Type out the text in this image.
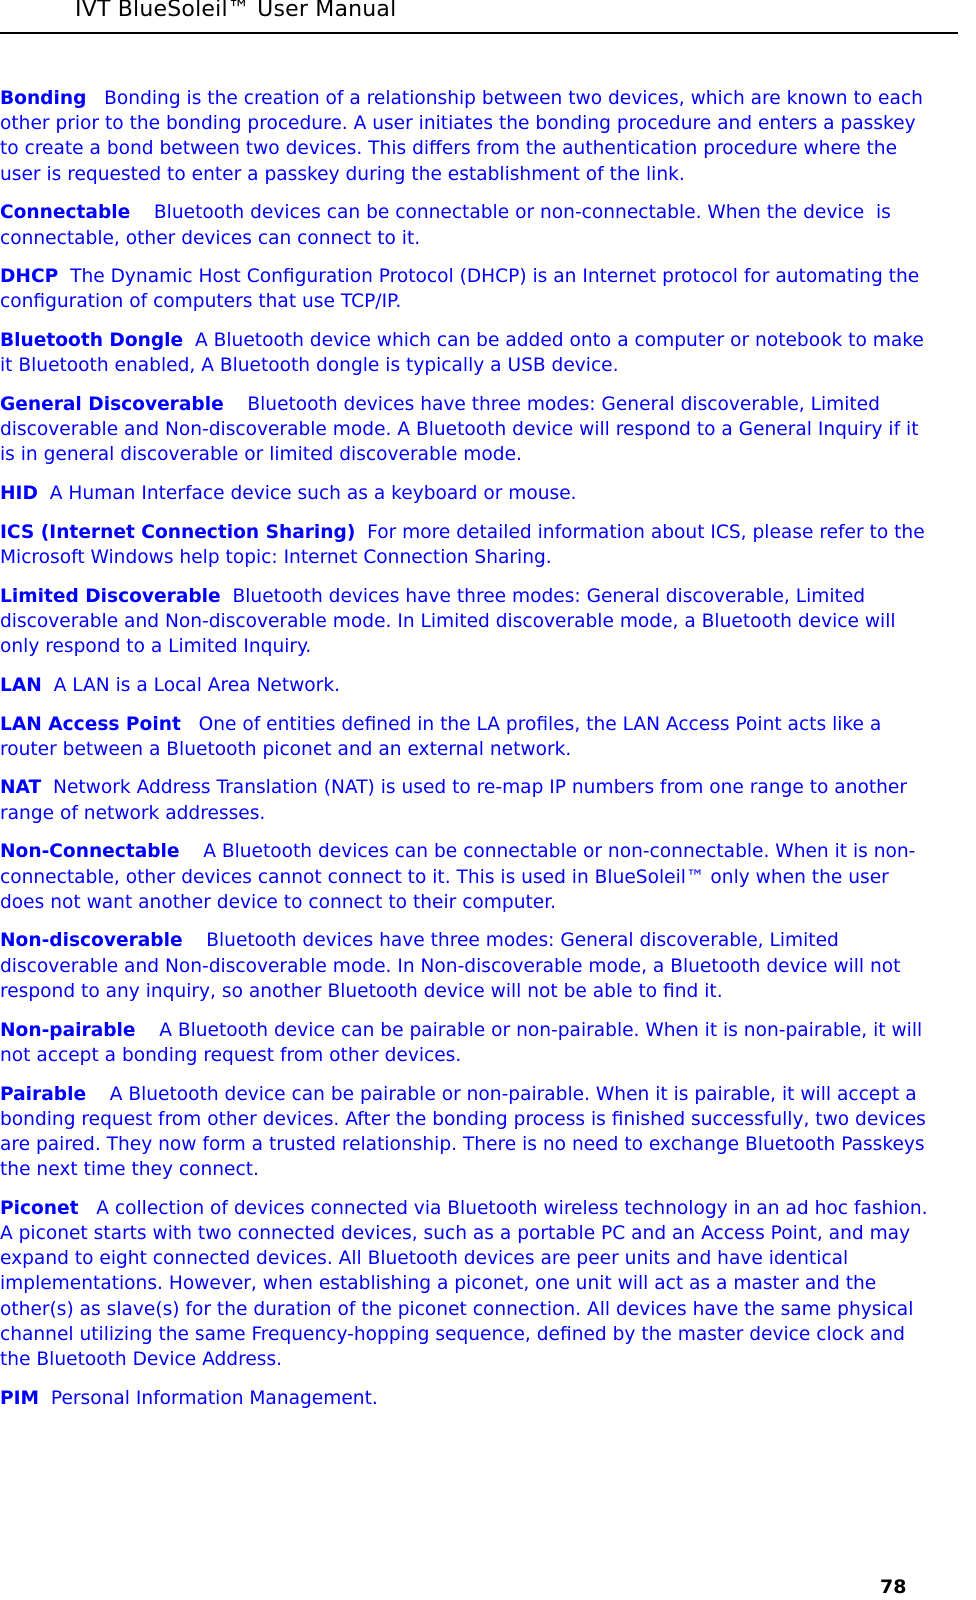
IVT BlueSoleil™ User Manual

Bonding Bonding is the creation of a relationship between two devices, which are known to each other prior to the bonding procedure. A user initiates the bonding procedure and enters a passkey to create a bond between two devices. This differs from the authentication procedure where the user is requested to enter a passkey during the establishment of the link.

Connectable Bluetooth devices can be connectable or non-connectable. When the device  is connectable, other devices can connect to it.

DHCP The Dynamic Host Configuration Protocol (DHCP) is an Internet protocol for automating the configuration of computers that use TCP/IP.

Bluetooth Dongle A Bluetooth device which can be added onto a computer or notebook to make it Bluetooth enabled, A Bluetooth dongle is typically a USB device.

General Discoverable Bluetooth devices have three modes: General discoverable, Limited discoverable and Non-discoverable mode. A Bluetooth device will respond to a General Inquiry if it is in general discoverable or limited discoverable mode.

HID A Human Interface device such as a keyboard or mouse.

ICS (Internet Connection Sharing) For more detailed information about ICS, please refer to the Microsoft Windows help topic: Internet Connection Sharing.

Limited Discoverable Bluetooth devices have three modes: General discoverable, Limited discoverable and Non-discoverable mode. In Limited discoverable mode, a Bluetooth device will only respond to a Limited Inquiry.

LAN A LAN is a Local Area Network.

LAN Access Point One of entities defined in the LA profiles, the LAN Access Point acts like a router between a Bluetooth piconet and an external network.

NAT Network Address Translation (NAT) is used to re-map IP numbers from one range to another range of network addresses.

Non-Connectable A Bluetooth devices can be connectable or non-connectable. When it is non-connectable, other devices cannot connect to it. This is used in BlueSoleil™ only when the user does not want another device to connect to their computer.

Non-discoverable Bluetooth devices have three modes: General discoverable, Limited discoverable and Non-discoverable mode. In Non-discoverable mode, a Bluetooth device will not respond to any inquiry, so another Bluetooth device will not be able to find it.

Non-pairable A Bluetooth device can be pairable or non-pairable. When it is non-pairable, it will not accept a bonding request from other devices.

Pairable A Bluetooth device can be pairable or non-pairable. When it is pairable, it will accept a bonding request from other devices. After the bonding process is finished successfully, two devices are paired. They now form a trusted relationship. There is no need to exchange Bluetooth Passkeys the next time they connect.

Piconet A collection of devices connected via Bluetooth wireless technology in an ad hoc fashion. A piconet starts with two connected devices, such as a portable PC and an Access Point, and may expand to eight connected devices. All Bluetooth devices are peer units and have identical implementations. However, when establishing a piconet, one unit will act as a master and the other(s) as slave(s) for the duration of the piconet connection. All devices have the same physical channel utilizing the same Frequency-hopping sequence, defined by the master device clock and the Bluetooth Device Address.

PIM Personal Information Management.

78
